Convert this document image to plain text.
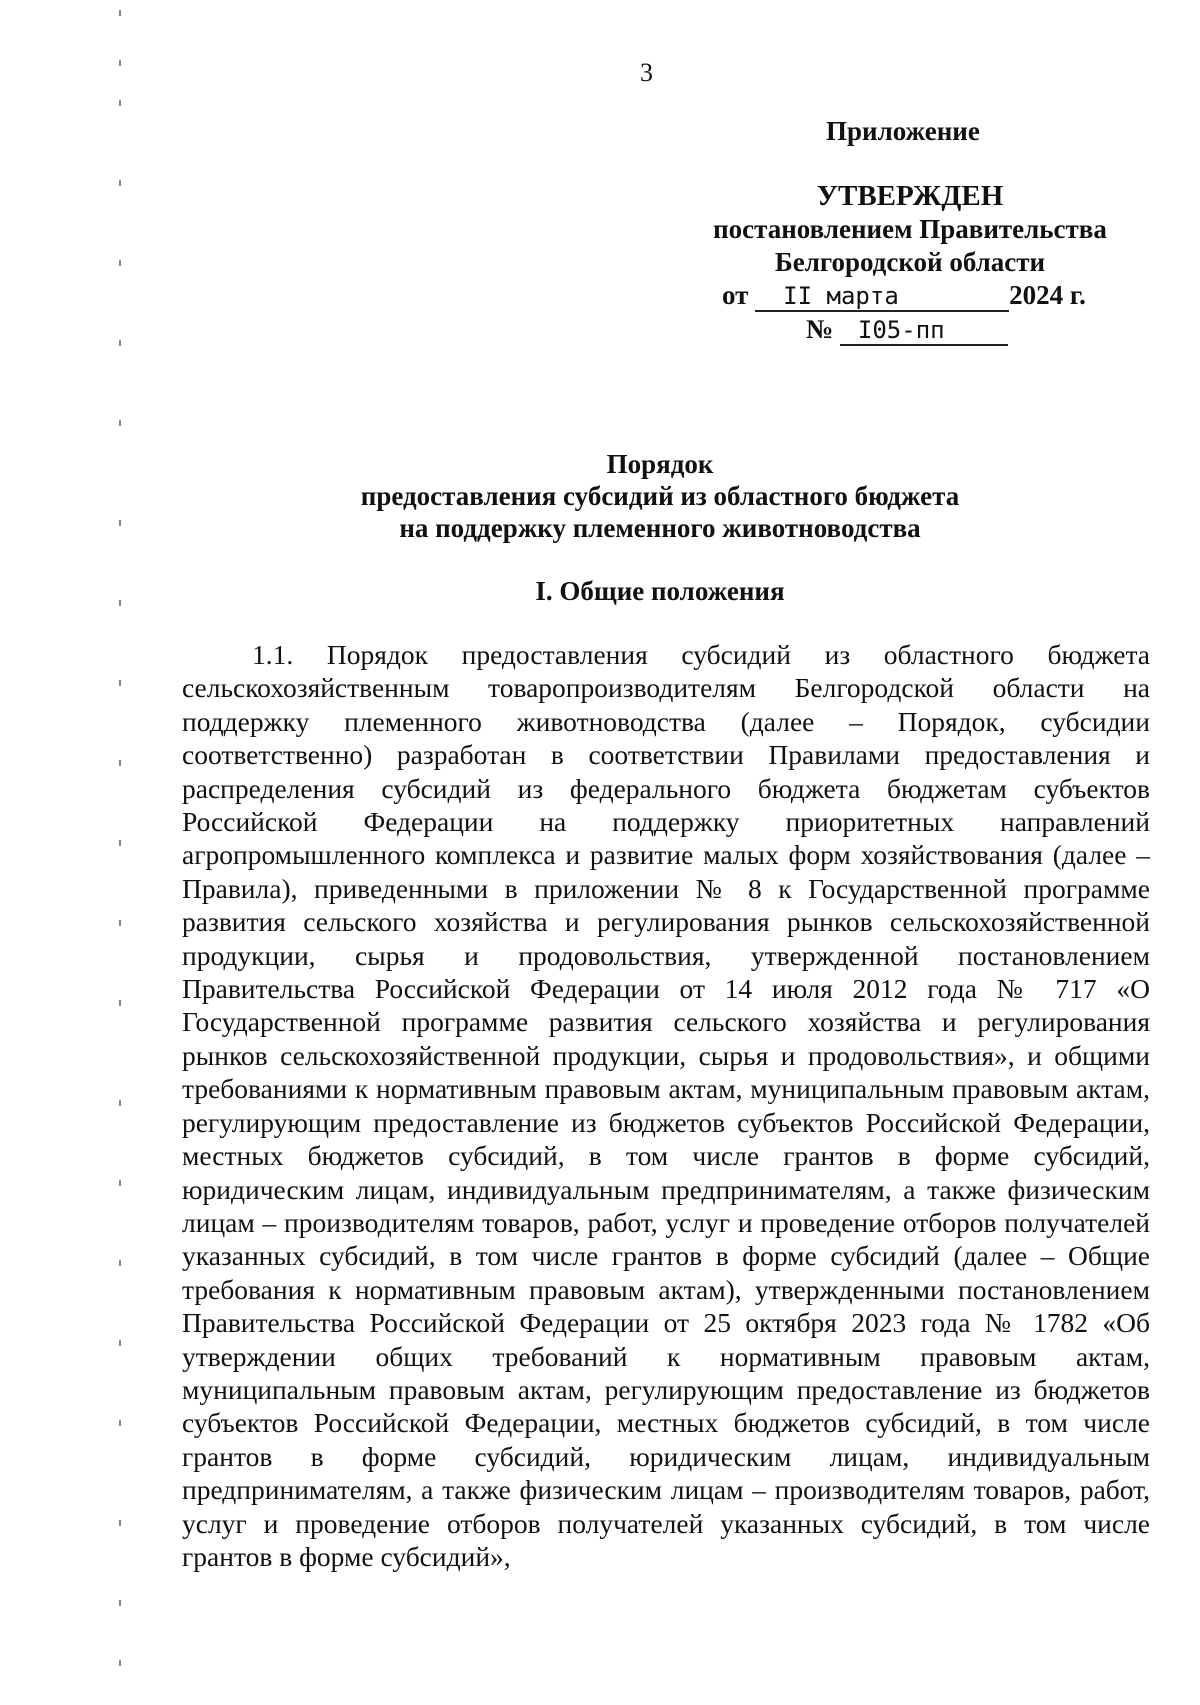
3
Приложение
УТВЕРЖДЕН
постановлением Правительства
Белгородской области
от II марта	2024 г.
№ I05-пп
Порядок
предоставления субсидий из областного бюджета
на поддержку племенного животноводства
I. Общие положения

1.1. Порядок предоставления субсидий из областного бюджета сельскохозяйственным товаропроизводителям Белгородской области на поддержку племенного животноводства (далее – Порядок, субсидии соответственно) разработан в соответствии Правилами предоставления и распределения субсидий из федерального бюджета бюджетам субъектов Российской Федерации на поддержку приоритетных направлений агропромышленного комплекса и развитие малых форм хозяйствования (далее – Правила), приведенными в приложении № 8 к Государственной программе развития сельского хозяйства и регулирования рынков сельскохозяйственной продукции, сырья и продовольствия, утвержденной постановлением Правительства Российской Федерации от 14 июля 2012 года № 717 «О Государственной программе развития сельского хозяйства и регулирования рынков сельскохозяйственной продукции, сырья и продовольствия», и общими требованиями к нормативным правовым актам, муниципальным правовым актам, регулирующим предоставление из бюджетов субъектов Российской Федерации, местных бюджетов субсидий, в том числе грантов в форме субсидий, юридическим лицам, индивидуальным предпринимателям, а также физическим лицам – производителям товаров, работ, услуг и проведение отборов получателей указанных субсидий, в том числе грантов в форме субсидий (далее – Общие требования к нормативным правовым актам), утвержденными постановлением Правительства Российской Федерации от 25 октября 2023 года № 1782 «Об утверждении общих требований к нормативным правовым актам, муниципальным правовым актам, регулирующим предоставление из бюджетов субъектов Российской Федерации, местных бюджетов субсидий, в том числе грантов в форме субсидий, юридическим лицам, индивидуальным предпринимателям, а также физическим лицам – производителям товаров, работ, услуг и проведение отборов получателей указанных субсидий, в том числе грантов в форме субсидий»,
